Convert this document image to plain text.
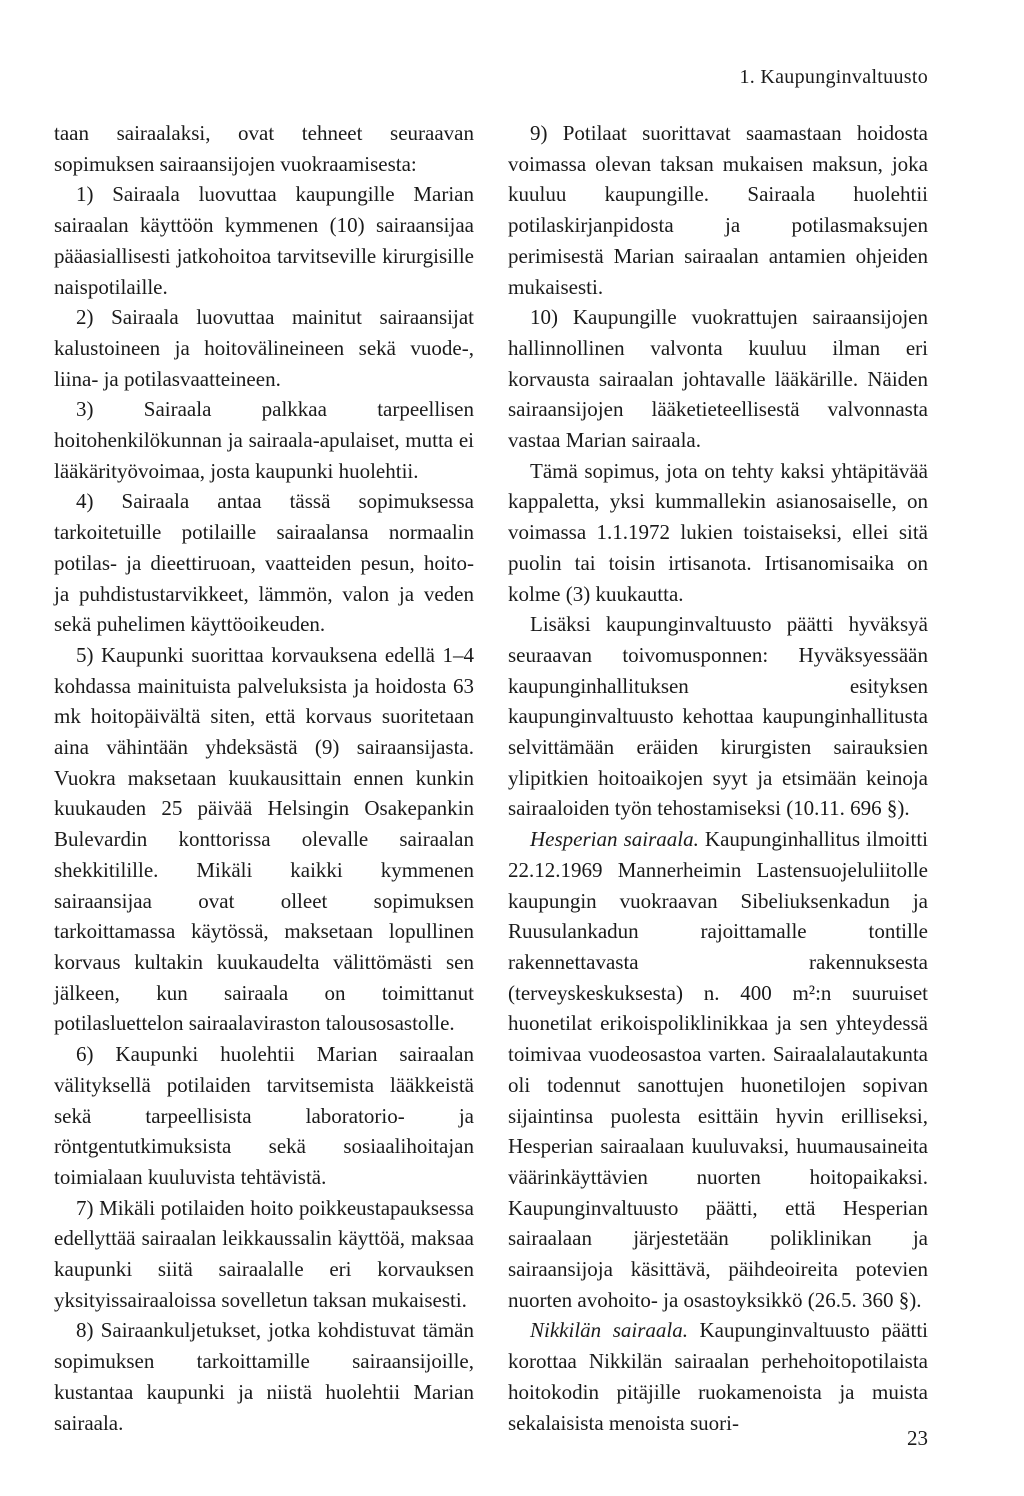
1. Kaupunginvaltuusto

taan sairaalaksi, ovat tehneet seuraavan sopimuksen sairaansijojen vuokraamisesta:

1) Sairaala luovuttaa kaupungille Marian sairaalan käyttöön kymmenen (10) sairaansijaa pääasiallisesti jatkohoitoa tarvitseville kirurgisille naispotilaille.

2) Sairaala luovuttaa mainitut sairaansijat kalustoineen ja hoitovälineineen sekä vuode-, liina- ja potilasvaatteineen.

3) Sairaala palkkaa tarpeellisen hoitohenkilökunnan ja sairaala-apulaiset, mutta ei lääkärityövoimaa, josta kaupunki huolehtii.

4) Sairaala antaa tässä sopimuksessa tarkoitetuille potilaille sairaalansa normaalin potilas- ja dieettiruoan, vaatteiden pesun, hoito- ja puhdistustarvikkeet, lämmön, valon ja veden sekä puhelimen käyttöoikeuden.

5) Kaupunki suorittaa korvauksena edellä 1–4 kohdassa mainituista palveluksista ja hoidosta 63 mk hoitopäivältä siten, että korvaus suoritetaan aina vähintään yhdeksästä (9) sairaansijasta. Vuokra maksetaan kuukausittain ennen kunkin kuukauden 25 päivää Helsingin Osakepankin Bulevardin konttorissa olevalle sairaalan shekkitilille. Mikäli kaikki kymmenen sairaansijaa ovat olleet sopimuksen tarkoittamassa käytössä, maksetaan lopullinen korvaus kultakin kuukaudelta välittömästi sen jälkeen, kun sairaala on toimittanut potilasluettelon sairaalaviraston talousosastolle.

6) Kaupunki huolehtii Marian sairaalan välityksellä potilaiden tarvitsemista lääkkeistä sekä tarpeellisista laboratorio- ja röntgentutkimuksista sekä sosiaalihoitajan toimialaan kuuluvista tehtävistä.

7) Mikäli potilaiden hoito poikkeustapauksessa edellyttää sairaalan leikkaussalin käyttöä, maksaa kaupunki siitä sairaalalle eri korvauksen yksityissairaaloissa sovelletun taksan mukaisesti.

8) Sairaankuljetukset, jotka kohdistuvat tämän sopimuksen tarkoittamille sairaansijoille, kustantaa kaupunki ja niistä huolehtii Marian sairaala.

9) Potilaat suorittavat saamastaan hoidosta voimassa olevan taksan mukaisen maksun, joka kuuluu kaupungille. Sairaala huolehtii potilaskirjanpidosta ja potilasmaksujen perimisestä Marian sairaalan antamien ohjeiden mukaisesti.

10) Kaupungille vuokrattujen sairaansijojen hallinnollinen valvonta kuuluu ilman eri korvausta sairaalan johtavalle lääkärille. Näiden sairaansijojen lääketieteellisestä valvonnasta vastaa Marian sairaala.

Tämä sopimus, jota on tehty kaksi yhtäpitävää kappaletta, yksi kummallekin asianosaiselle, on voimassa 1.1.1972 lukien toistaiseksi, ellei sitä puolin tai toisin irtisanota. Irtisanomisaika on kolme (3) kuukautta.

Lisäksi kaupunginvaltuusto päätti hyväksyä seuraavan toivomusponnen: Hyväksyessään kaupunginhallituksen esityksen kaupunginvaltuusto kehottaa kaupunginhallitusta selvittämään eräiden kirurgisten sairauksien ylipitkien hoitoaikojen syyt ja etsimään keinoja sairaaloiden työn tehostamiseksi (10.11. 696 §).

Hesperian sairaala. Kaupunginhallitus ilmoitti 22.12.1969 Mannerheimin Lastensuojeluliitolle kaupungin vuokraavan Sibeliuksenkadun ja Ruusulankadun rajoittamalle tontille rakennettavasta rakennuksesta (terveyskeskuksesta) n. 400 m²:n suuruiset huonetilat erikoispoliklinikkaa ja sen yhteydessä toimivaa vuodeosastoa varten. Sairaalalautakunta oli todennut sanottujen huonetilojen sopivan sijaintinsa puolesta esittäin hyvin erilliseksi, Hesperian sairaalaan kuuluvaksi, huumausaineita väärinkäyttävien nuorten hoitopaikaksi. Kaupunginvaltuusto päätti, että Hesperian sairaalaan järjestetään poliklinikan ja sairaansijoja käsittävä, päihdeoireita potevien nuorten avohoito- ja osastoyksikkö (26.5. 360 §).

Nikkilän sairaala. Kaupunginvaltuusto päätti korottaa Nikkilän sairaalan perhehoitopotilaista hoitokodin pitäjille ruokamenoista ja muista sekalaisista menoista suori-

23
